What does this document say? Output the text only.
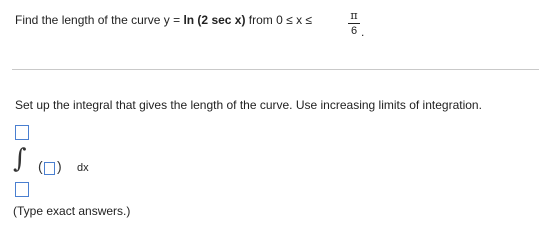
Find the length of the curve y = ln (2 sec x) from 0 ≤ x ≤	π
6 .
Set up the integral that gives the length of the curve. Use increasing limits of integration.
∫ ( ) dx
(Type exact answers.)
